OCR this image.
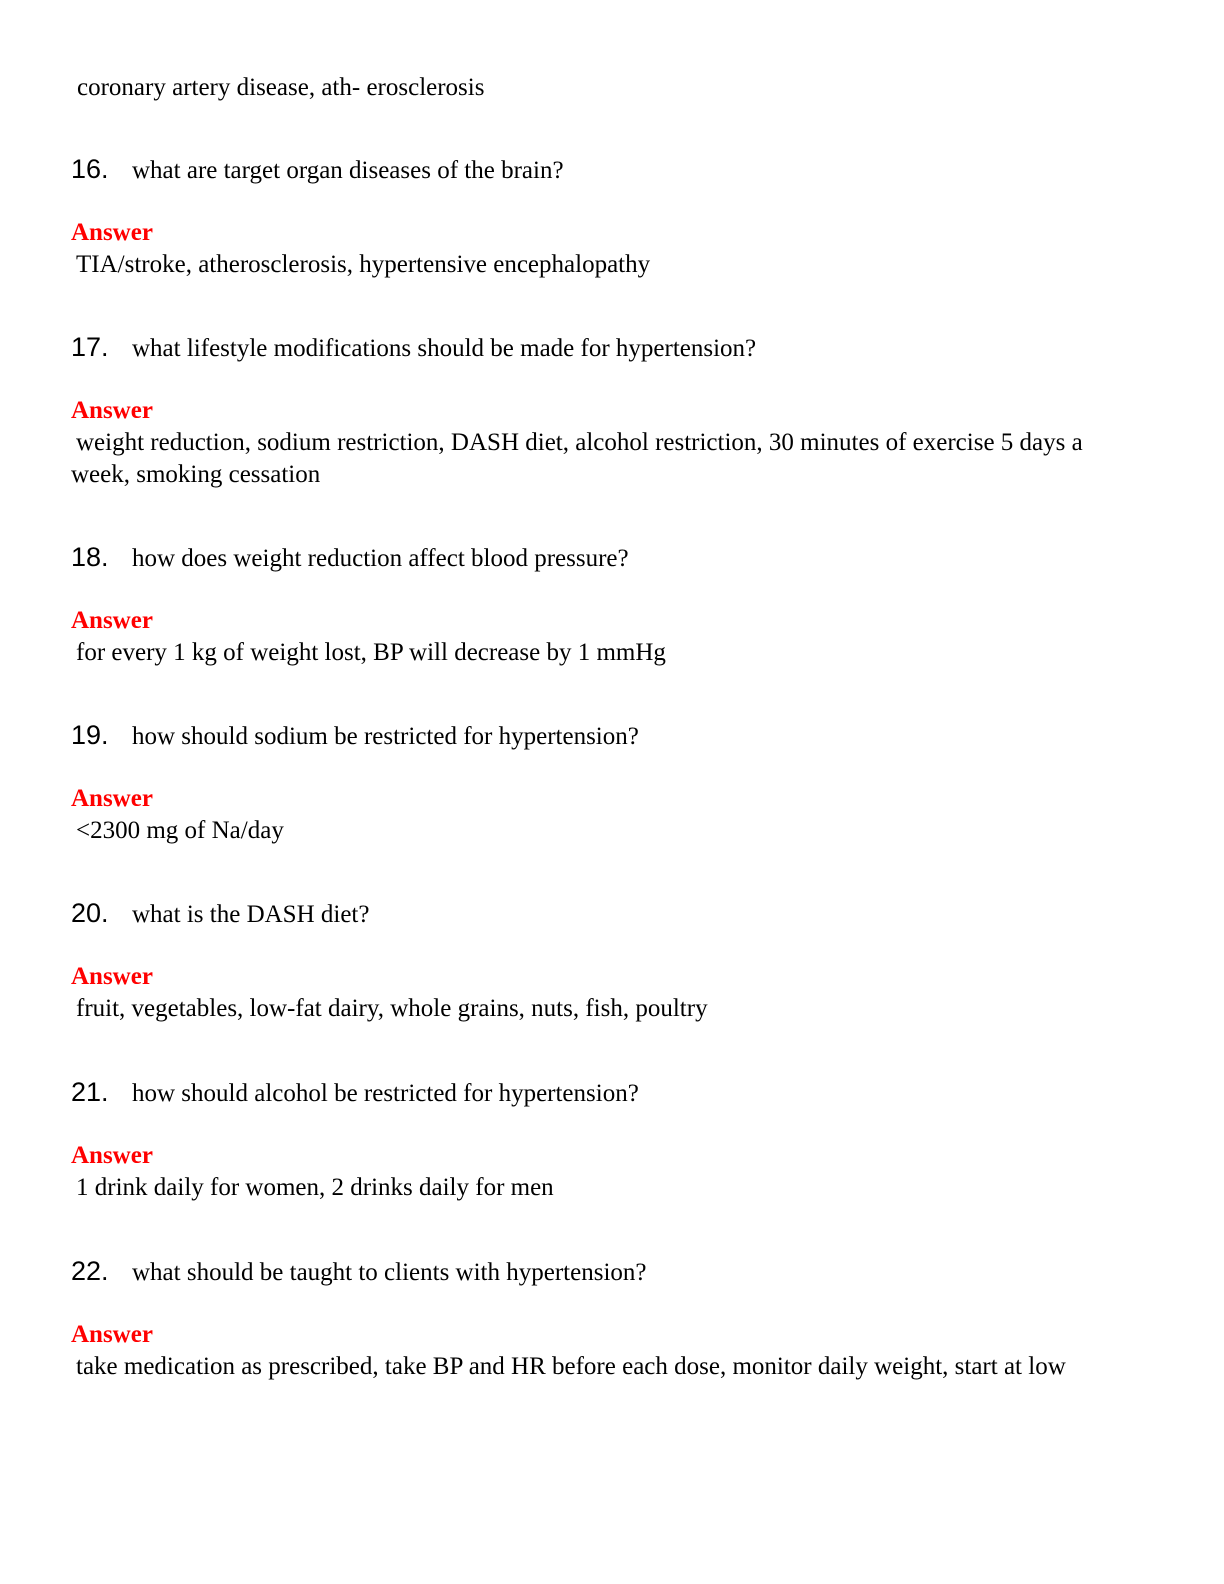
coronary artery disease, ath- erosclerosis
16. what are target organ diseases of the brain?
Answer
TIA/stroke, atherosclerosis, hypertensive encephalopathy
17. what lifestyle modifications should be made for hypertension?
Answer
weight reduction, sodium restriction, DASH diet, alcohol restriction, 30 minutes of exercise 5 days a week, smoking cessation
18. how does weight reduction affect blood pressure?
Answer
for every 1 kg of weight lost, BP will decrease by 1 mmHg
19. how should sodium be restricted for hypertension?
Answer
<2300 mg of Na/day
20. what is the DASH diet?
Answer
fruit, vegetables, low-fat dairy, whole grains, nuts, fish, poultry
21. how should alcohol be restricted for hypertension?
Answer
1 drink daily for women, 2 drinks daily for men
22. what should be taught to clients with hypertension?
Answer
take medication as prescribed, take BP and HR before each dose, monitor daily weight, start at low
